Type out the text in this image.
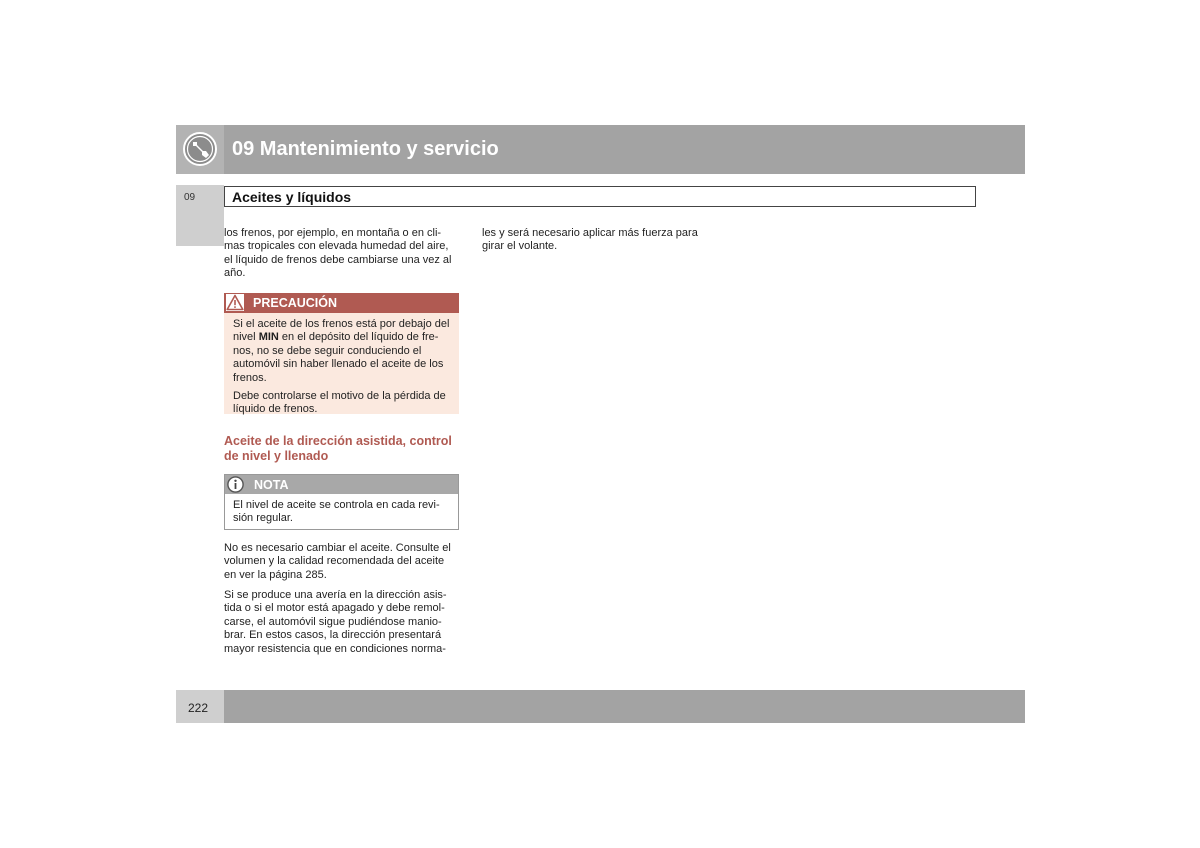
09 Mantenimiento y servicio
09	Aceites y líquidos

los frenos, por ejemplo, en montaña o en cli-

mas tropicales con elevada humedad del aire,

el líquido de frenos debe cambiarse una vez al

año.

PRECAUCIÓN

Si el aceite de los frenos está por debajo del

nivel MIN en el depósito del líquido de fre-

nos, no se debe seguir conduciendo el

automóvil sin haber llenado el aceite de los

frenos.

Debe controlarse el motivo de la pérdida de

líquido de frenos.

Aceite de la dirección asistida, control

de nivel y llenado

NOTA

El nivel de aceite se controla en cada revi-

sión regular.

No es necesario cambiar el aceite. Consulte el

volumen y la calidad recomendada del aceite

en ver la página 285.

Si se produce una avería en la dirección asis-

tida o si el motor está apagado y debe remol-

carse, el automóvil sigue pudiéndose manio-

brar. En estos casos, la dirección presentará

mayor resistencia que en condiciones norma-

les y será necesario aplicar más fuerza para

girar el volante.

222
